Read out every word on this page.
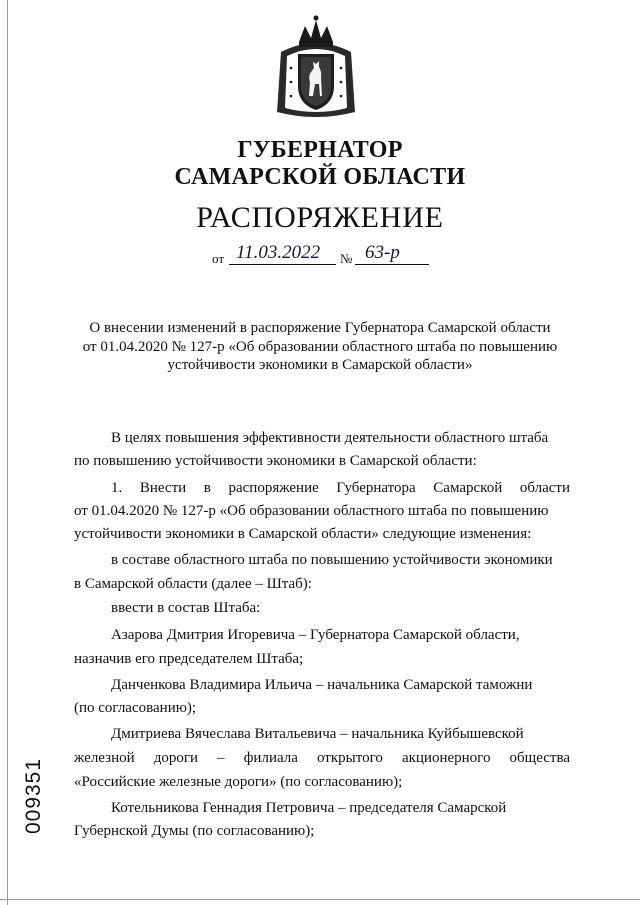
ГУБЕРНАТОР
САМАРСКОЙ ОБЛАСТИ
РАСПОРЯЖЕНИЕ
от 11.03.2022 № 63-р
О внесении изменений в распоряжение Губернатора Самарской области
от 01.04.2020 № 127-р «Об образовании областного штаба по повышению
устойчивости экономики в Самарской области»
В целях повышения эффективности деятельности областного штаба
по повышению устойчивости экономики в Самарской области:
1. Внести в распоряжение Губернатора Самарской области
от 01.04.2020 № 127-р «Об образовании областного штаба по повышению
устойчивости экономики в Самарской области» следующие изменения:
в составе областного штаба по повышению устойчивости экономики
в Самарской области (далее – Штаб):
ввести в состав Штаба:
Азарова Дмитрия Игоревича – Губернатора Самарской области,
назначив его председателем Штаба;
Данченкова Владимира Ильича – начальника Самарской таможни
(по согласованию);
Дмитриева Вячеслава Витальевича – начальника Куйбышевской
железной дороги – филиала открытого акционерного общества
«Российские железные дороги» (по согласованию);
Котельникова Геннадия Петровича – председателя Самарской
Губернской Думы (по согласованию);
009351
